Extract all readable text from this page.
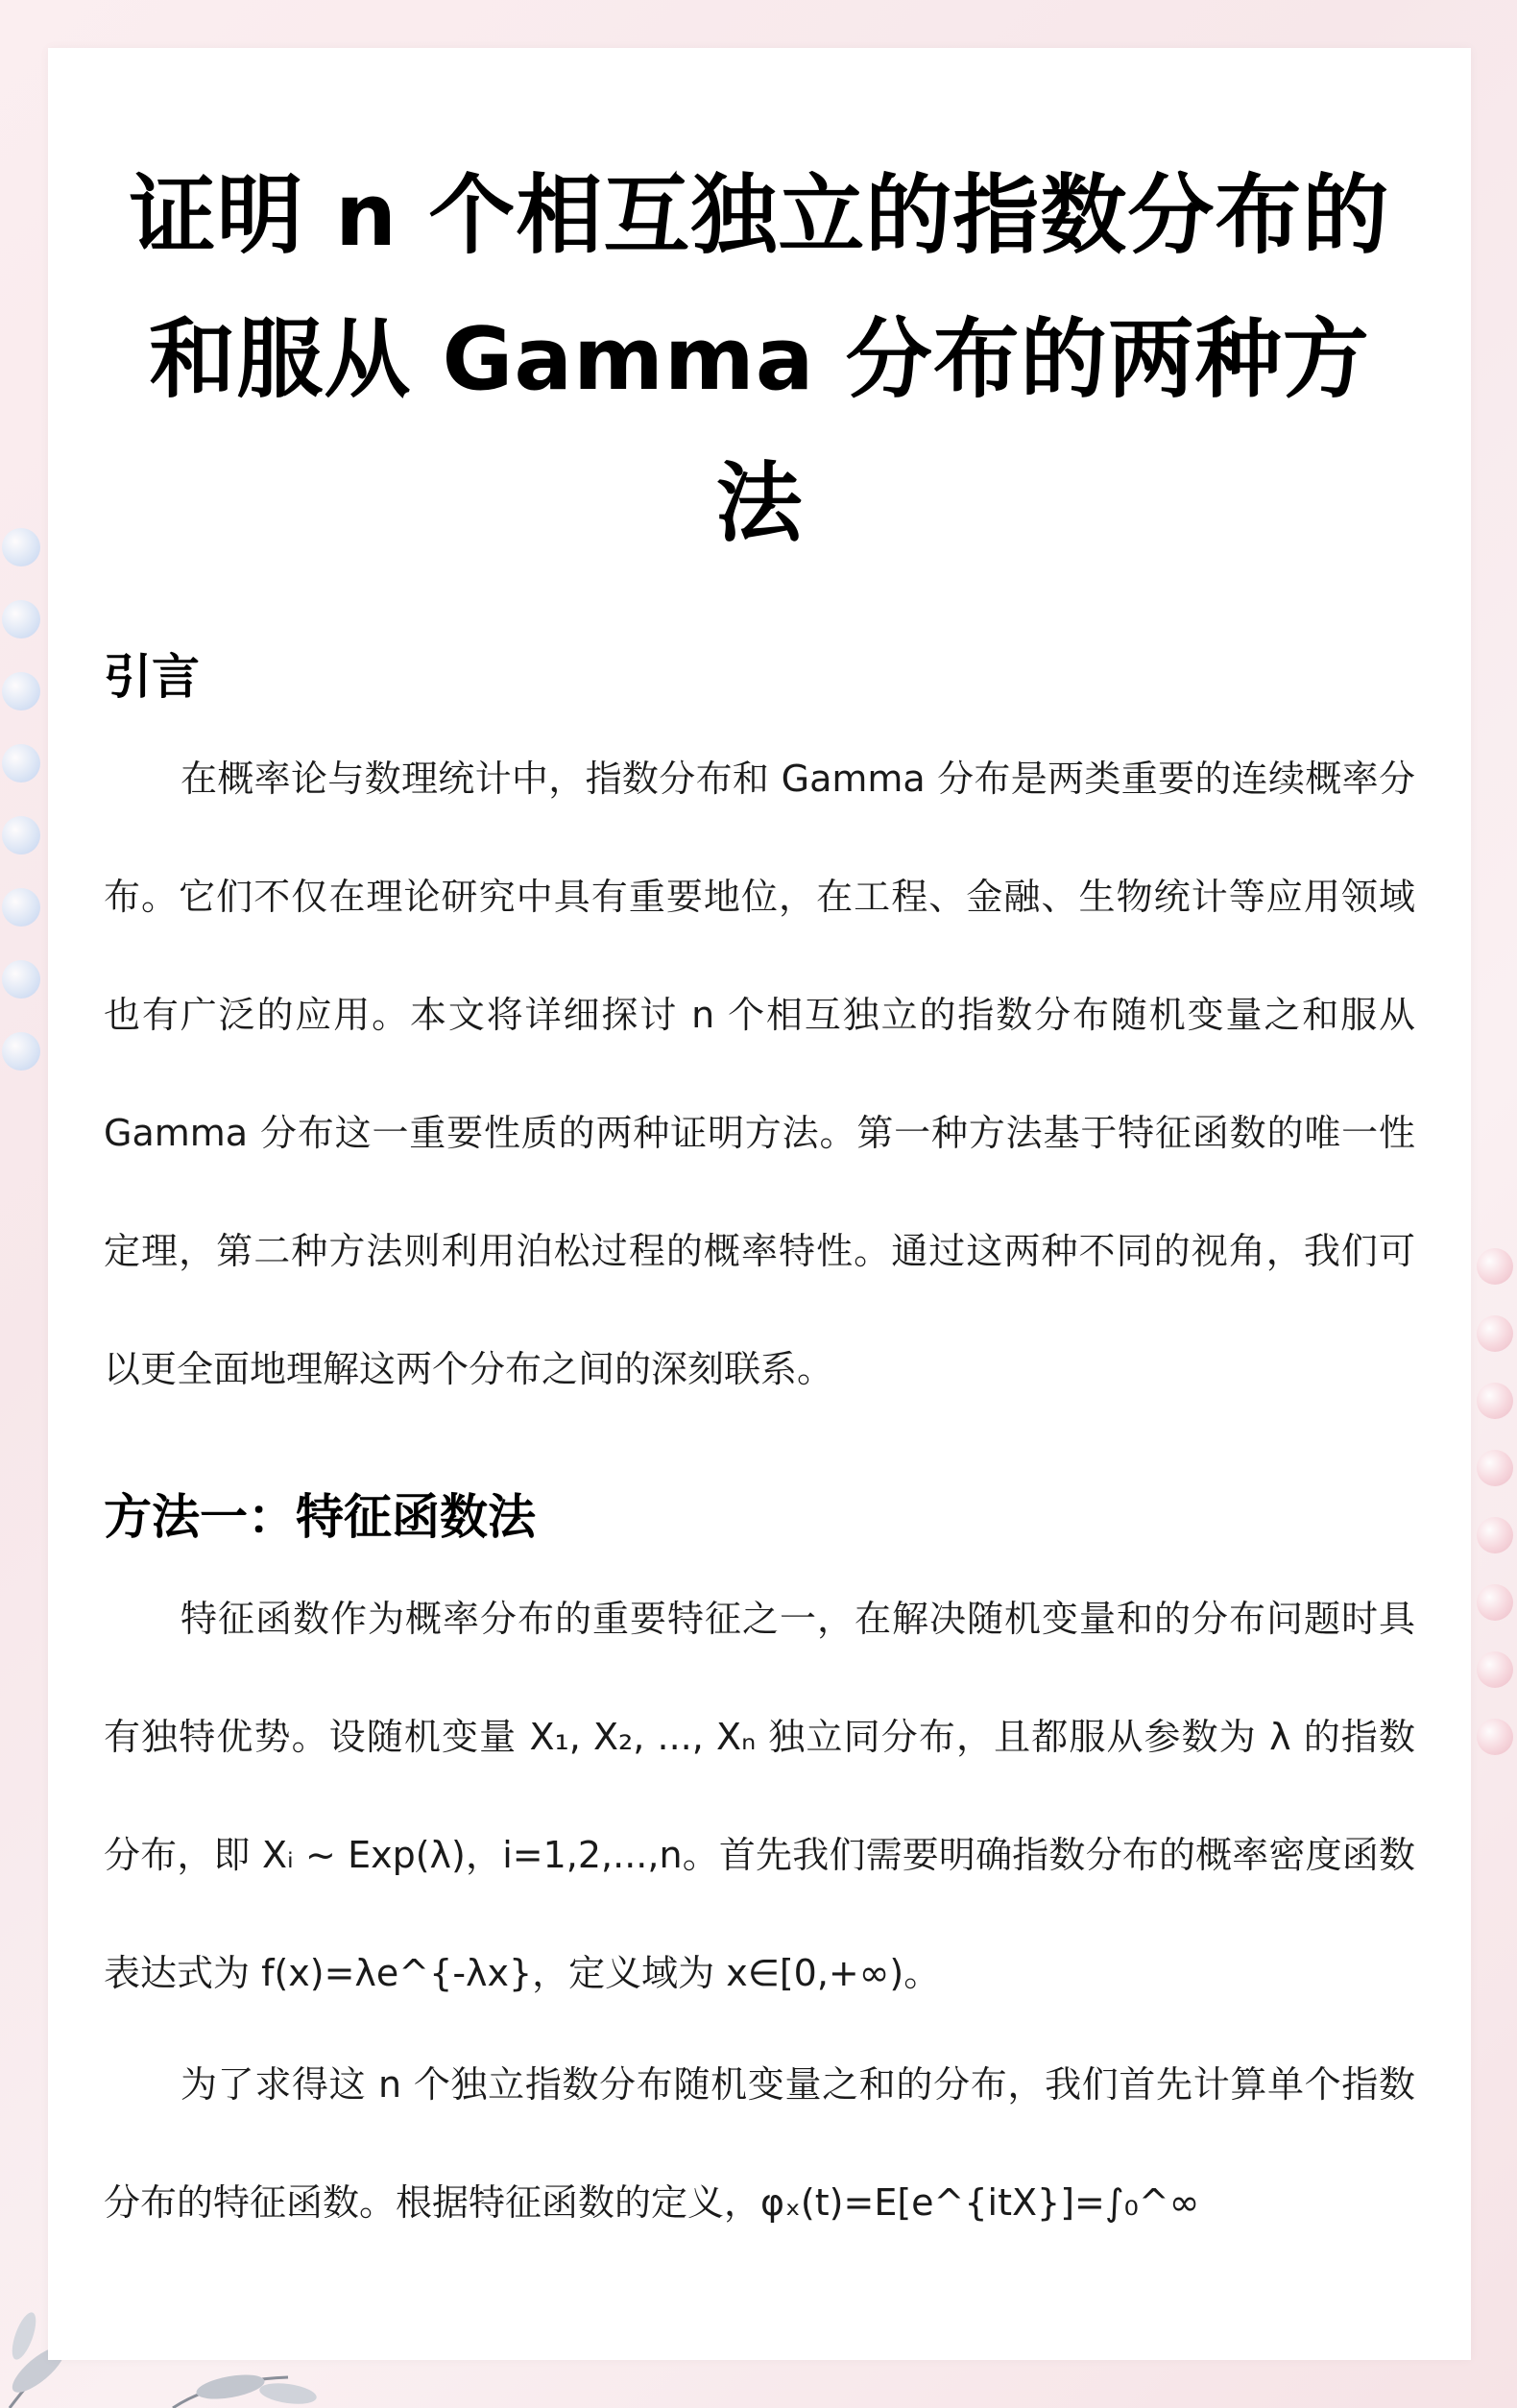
证明 n 个相互独立的指数分布的和服从 Gamma 分布的两种方法
引言

在概率论与数理统计中，指数分布和 Gamma 分布是两类重要的连续概率分布。它们不仅在理论研究中具有重要地位，在工程、金融、生物统计等应用领域也有广泛的应用。本文将详细探讨 n 个相互独立的指数分布随机变量之和服从 Gamma 分布这一重要性质的两种证明方法。第一种方法基于特征函数的唯一性定理，第二种方法则利用泊松过程的概率特性。通过这两种不同的视角，我们可以更全面地理解这两个分布之间的深刻联系。

方法一：特征函数法

特征函数作为概率分布的重要特征之一，在解决随机变量和的分布问题时具有独特优势。设随机变量 X₁, X₂, ..., Xₙ 独立同分布，且都服从参数为 λ 的指数分布，即 Xᵢ ~ Exp(λ)，i=1,2,...,n。首先我们需要明确指数分布的概率密度函数表达式为 f(x)=λe^{-λx}，定义域为 x∈[0,+∞)。

为了求得这 n 个独立指数分布随机变量之和的分布，我们首先计算单个指数分布的特征函数。根据特征函数的定义，φₓ(t)=E[e^{itX}]=∫₀^∞
